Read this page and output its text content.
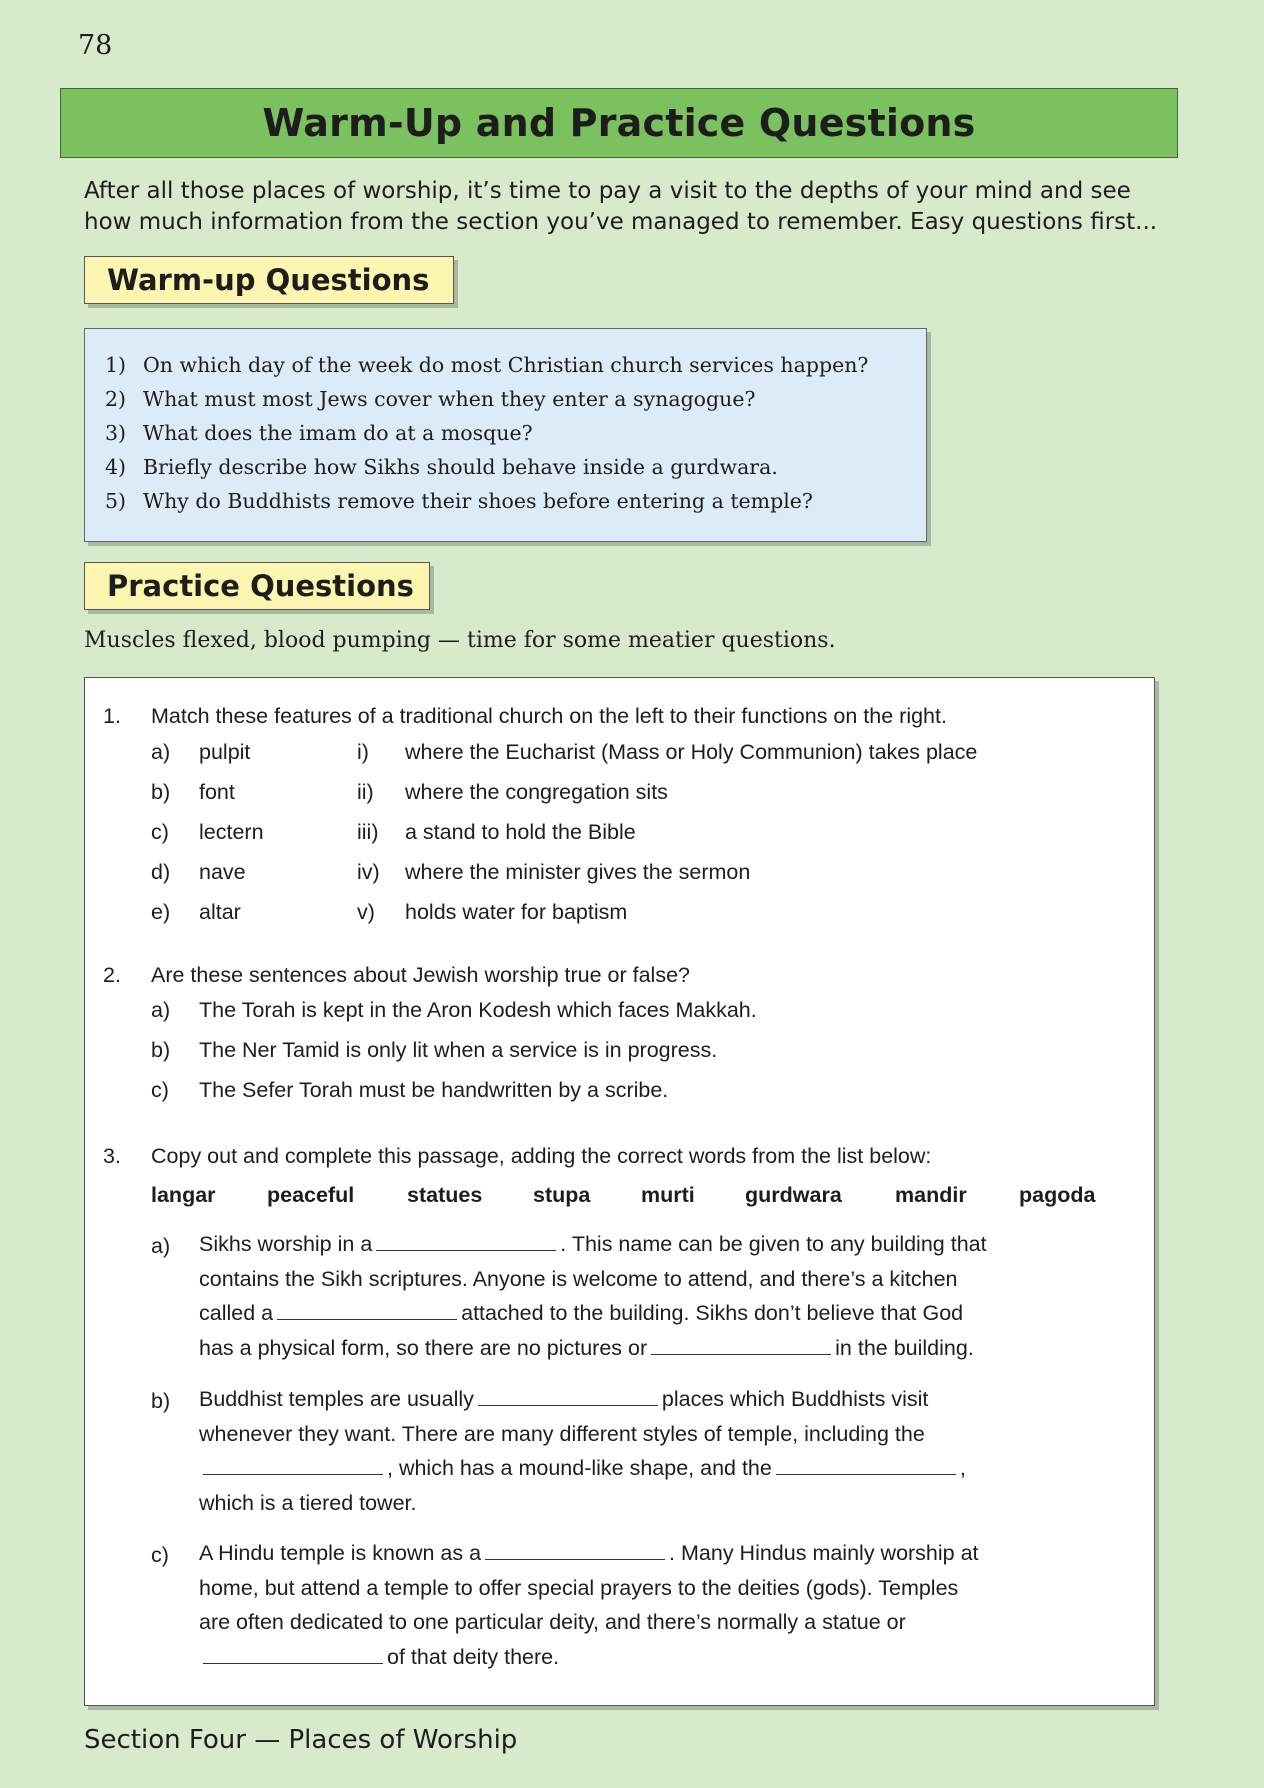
78
Warm-Up and Practice Questions

After all those places of worship, it’s time to pay a visit to the depths of your mind and see how much information from the section you’ve managed to remember. Easy questions first...

Warm-up Questions
1) On which day of the week do most Christian church services happen?
2) What must most Jews cover when they enter a synagogue?
3) What does the imam do at a mosque?
4) Briefly describe how Sikhs should behave inside a gurdwara.
5) Why do Buddhists remove their shoes before entering a temple?
Practice Questions

Muscles flexed, blood pumping — time for some meatier questions.

1. Match these features of a traditional church on the left to their functions on the right.
a) pulpit	i) where the Eucharist (Mass or Holy Communion) takes place
b) font	ii) where the congregation sits
c) lectern	iii) a stand to hold the Bible
d) nave	iv) where the minister gives the sermon
e) altar	v) holds water for baptism
2. Are these sentences about Jewish worship true or false?
a) The Torah is kept in the Aron Kodesh which faces Makkah.
b) The Ner Tamid is only lit when a service is in progress.
c) The Sefer Torah must be handwritten by a scribe.
3. Copy out and complete this passage, adding the correct words from the list below:
langar peaceful statues stupa murti gurdwara mandir pagoda
a) Sikhs worship in a	. This name can be given to any building that
contains the Sikh scriptures. Anyone is welcome to attend, and there’s a kitchen
called a	attached to the building. Sikhs don’t believe that God
has a physical form, so there are no pictures or	in the building.
b) Buddhist temples are usually	places which Buddhists visit
whenever they want. There are many different styles of temple, including the
, which has a mound-like shape, and the	,
which is a tiered tower.
c) A Hindu temple is known as a	. Many Hindus mainly worship at
home, but attend a temple to offer special prayers to the deities (gods). Temples
are often dedicated to one particular deity, and there’s normally a statue or
of that deity there.
Section Four — Places of Worship
